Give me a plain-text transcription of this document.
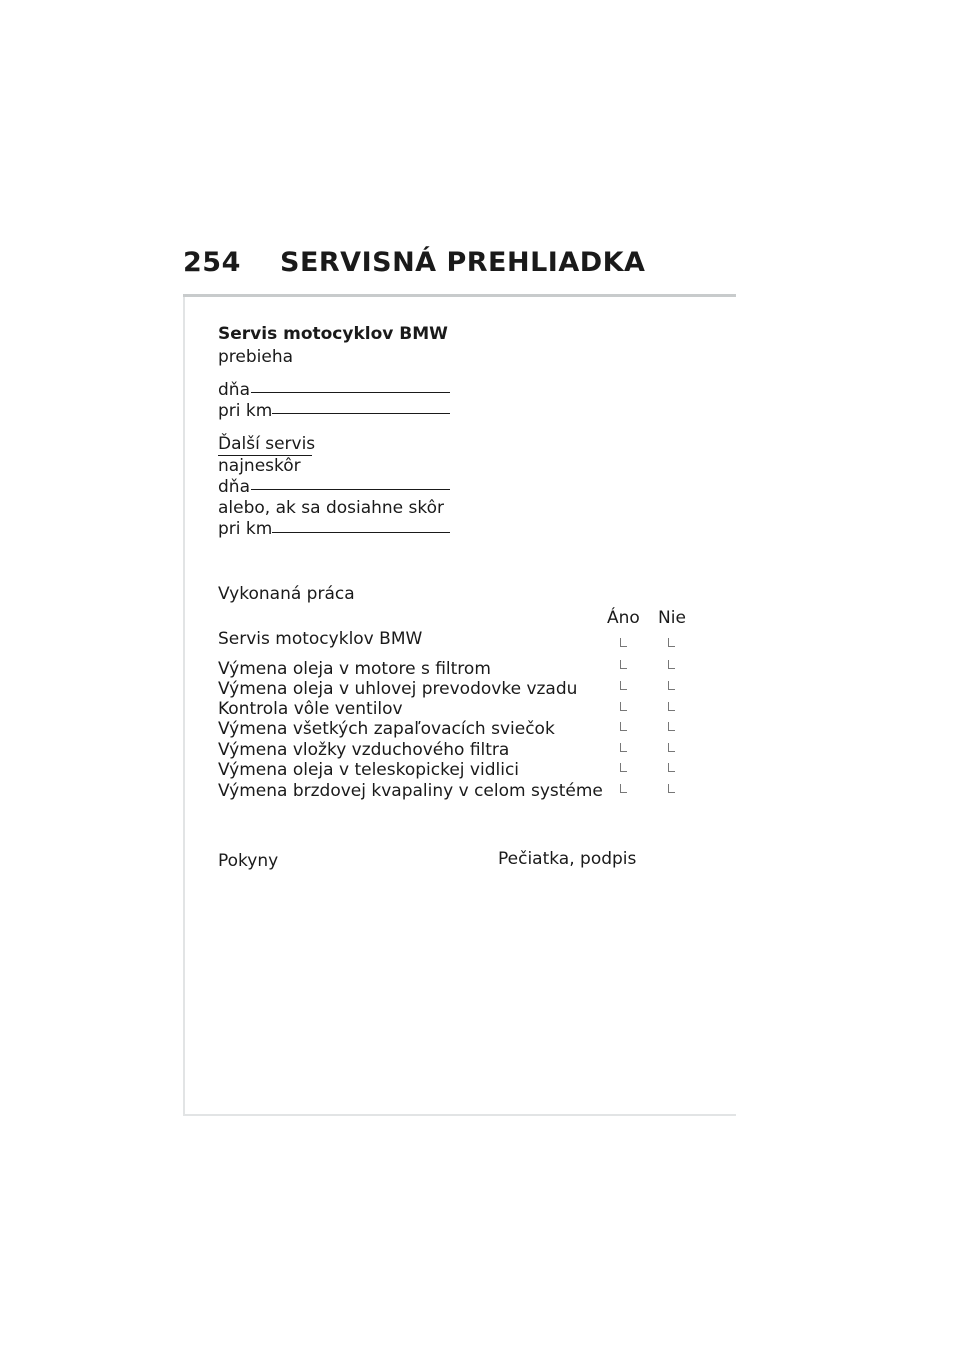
254 SERVISNÁ PREHLIADKA

Servis motocyklov BMW

prebieha

dňa

pri km

Ďalší servis

najneskôr

dňa

alebo, ak sa dosiahne skôr

pri km

Vykonaná práca

Áno Nie

Servis motocyklov BMW

Výmena oleja v motore s filtrom

Výmena oleja v uhlovej prevodovke vzadu

Kontrola vôle ventilov

Výmena všetkých zapaľovacích sviečok

Výmena vložky vzduchového filtra

Výmena oleja v teleskopickej vidlici

Výmena brzdovej kvapaliny v celom systéme

Pokyny	Pečiatka, podpis
